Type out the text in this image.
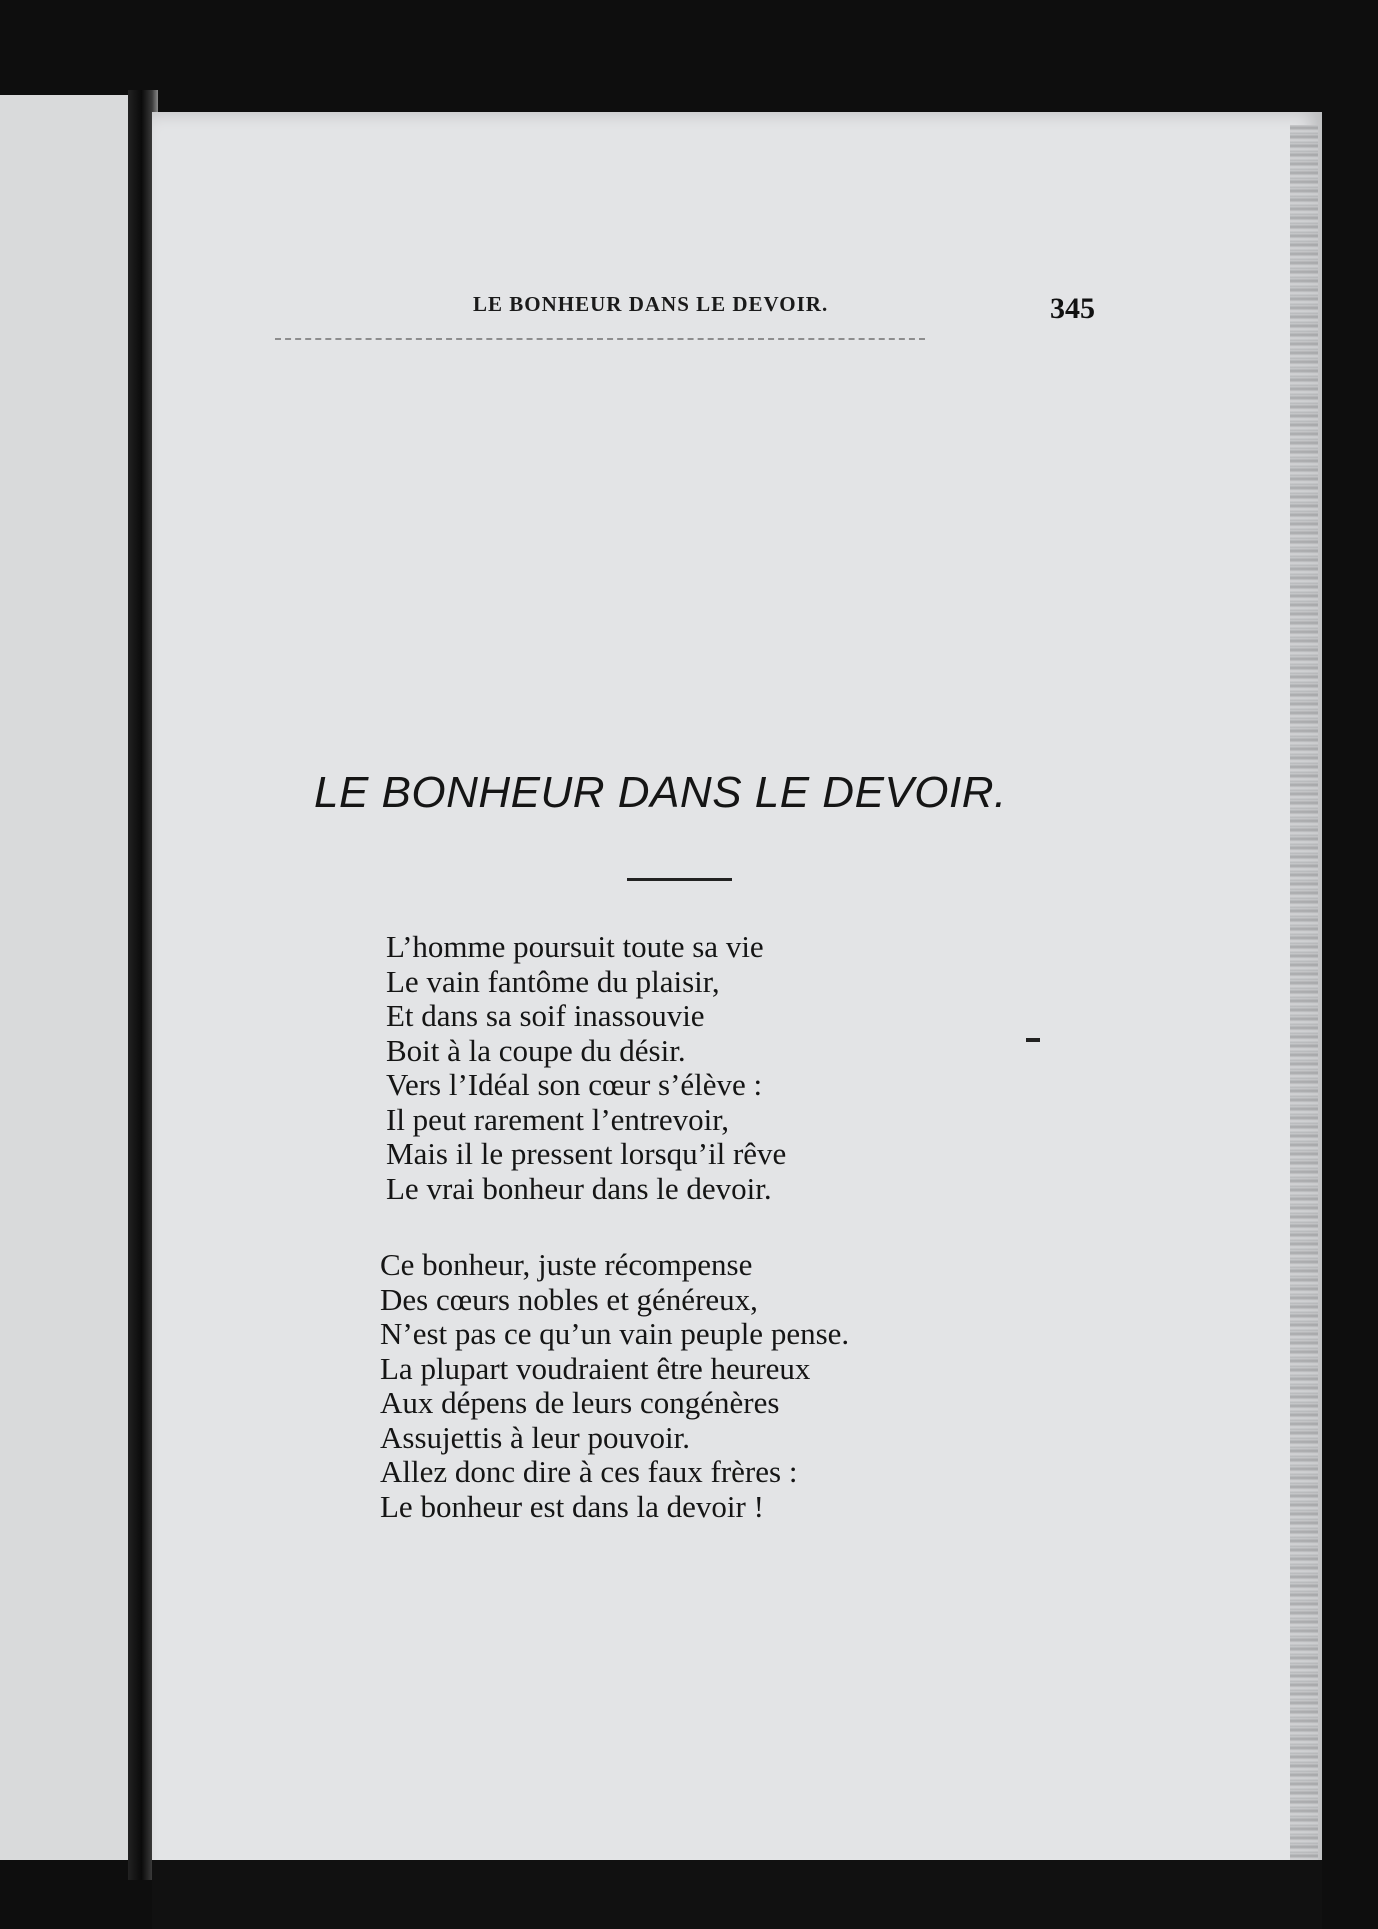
LE BONHEUR DANS LE DEVOIR.	345
LE BONHEUR DANS LE DEVOIR.
L’homme poursuit toute sa vie
Le vain fantôme du plaisir,
Et dans sa soif inassouvie
Boit à la coupe du désir.
Vers l’Idéal son cœur s’élève :
Il peut rarement l’entrevoir,
Mais il le pressent lorsqu’il rêve
Le vrai bonheur dans le devoir.
Ce bonheur, juste récompense
Des cœurs nobles et généreux,
N’est pas ce qu’un vain peuple pense.
La plupart voudraient être heureux
Aux dépens de leurs congénères
Assujettis à leur pouvoir.
Allez donc dire à ces faux frères :
Le bonheur est dans la devoir !
